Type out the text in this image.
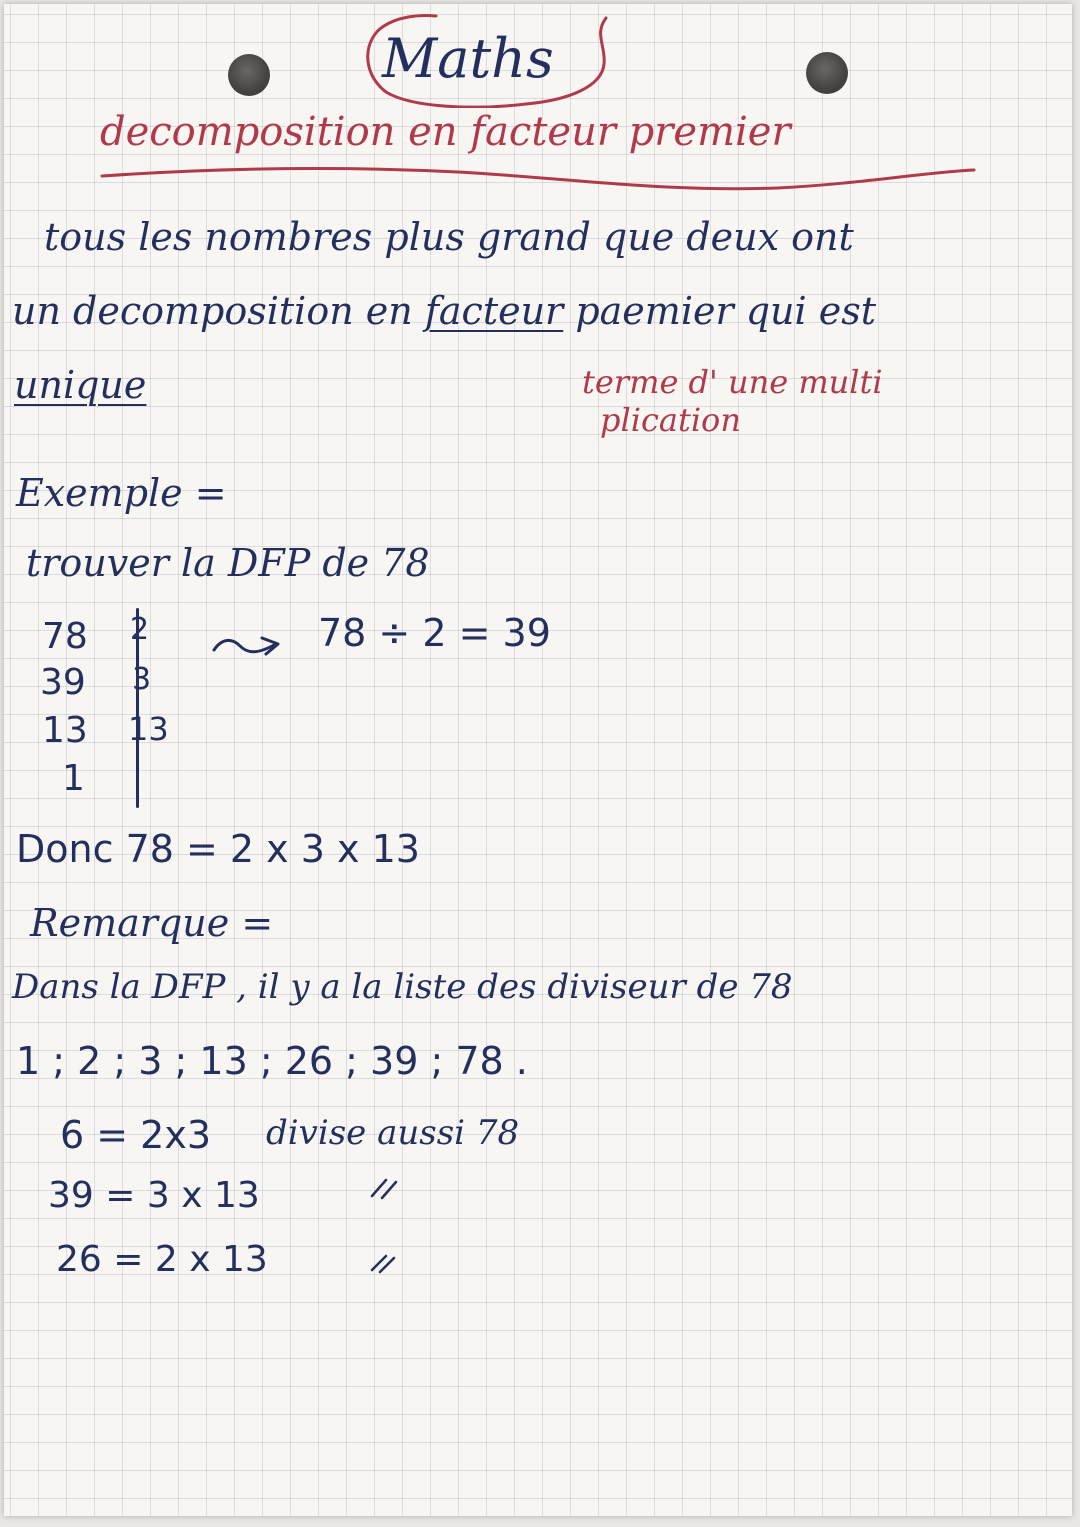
Maths
decomposition en facteur premier
tous les nombres plus grand que deux ont
un decomposition en facteur paemier qui est
unique	terme d' une multi
plication
Exemple =
trouver la DFP de 78
78
39
13
1
2
3
13
78 ÷ 2 = 39
Donc 78 = 2 x 3 x 13
Remarque =
Dans la DFP , il y a la liste des diviseur de 78
1 ; 2 ; 3 ; 13 ; 26 ; 39 ; 78 .
6 = 2x3 divise aussi 78
39 = 3 x 13
26 = 2 x 13
